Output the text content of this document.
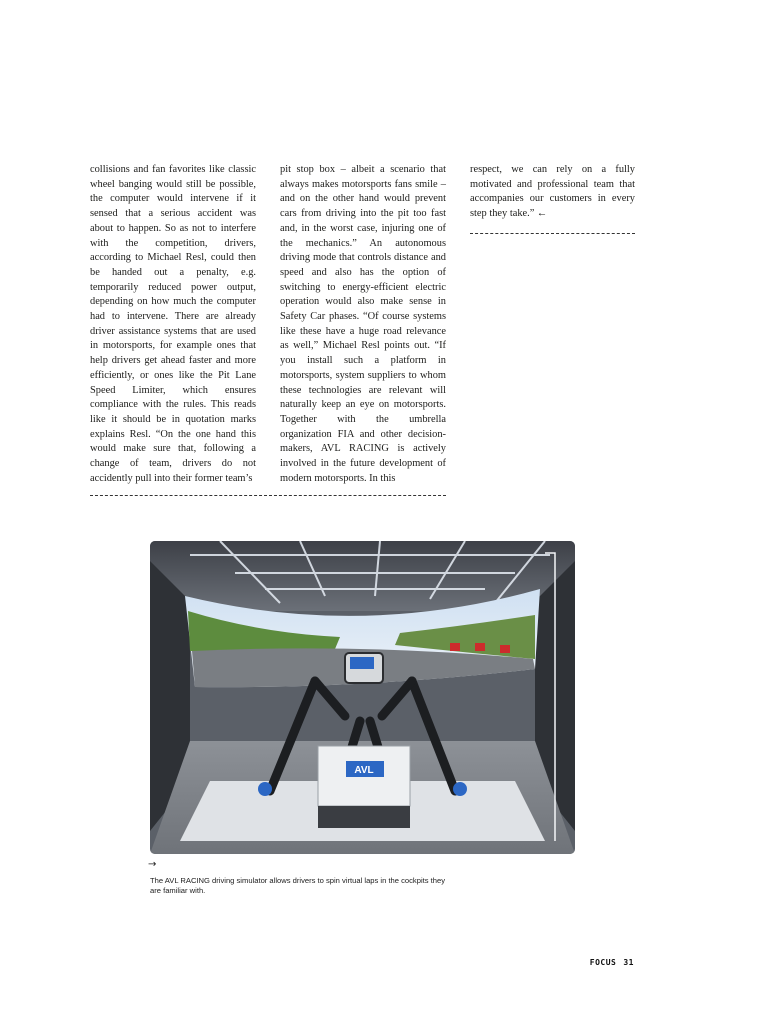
collisions and fan favorites like classic wheel banging would still be possible, the computer would intervene if it sensed that a serious accident was about to happen. So as not to interfere with the competition, drivers, according to Michael Resl, could then be handed out a penalty, e.g. temporarily reduced power output, depending on how much the computer had to intervene. There are already driver assistance systems that are used in motorsports, for example ones that help drivers get ahead faster and more efficiently, or ones like the Pit Lane Speed Limiter, which ensures compliance with the rules. This reads like it should be in quotation marks explains Resl. “On the one hand this would make sure that, following a change of team, drivers do not accidently pull into their former team’s

pit stop box – albeit a scenario that always makes motorsports fans smile – and on the other hand would prevent cars from driving into the pit too fast and, in the worst case, injuring one of the mechanics.” An autonomous driving mode that controls distance and speed and also has the option of switching to energy-efficient electric operation would also make sense in Safety Car phases. “Of course systems like these have a huge road relevance as well,” Michael Resl points out. “If you install such a platform in motorsports, system suppliers to whom these technologies are relevant will naturally keep an eye on motorsports. Together with the umbrella organization FIA and other decision-makers, AVL RACING is actively involved in the future development of modern motorsports. In this

respect, we can rely on a fully motivated and professional team that accompanies our customers in every step they take.” ←

AVL
→
The AVL RACING driving simulator allows drivers to spin virtual laps in the cockpits they are familiar with.
FOCUS 31
